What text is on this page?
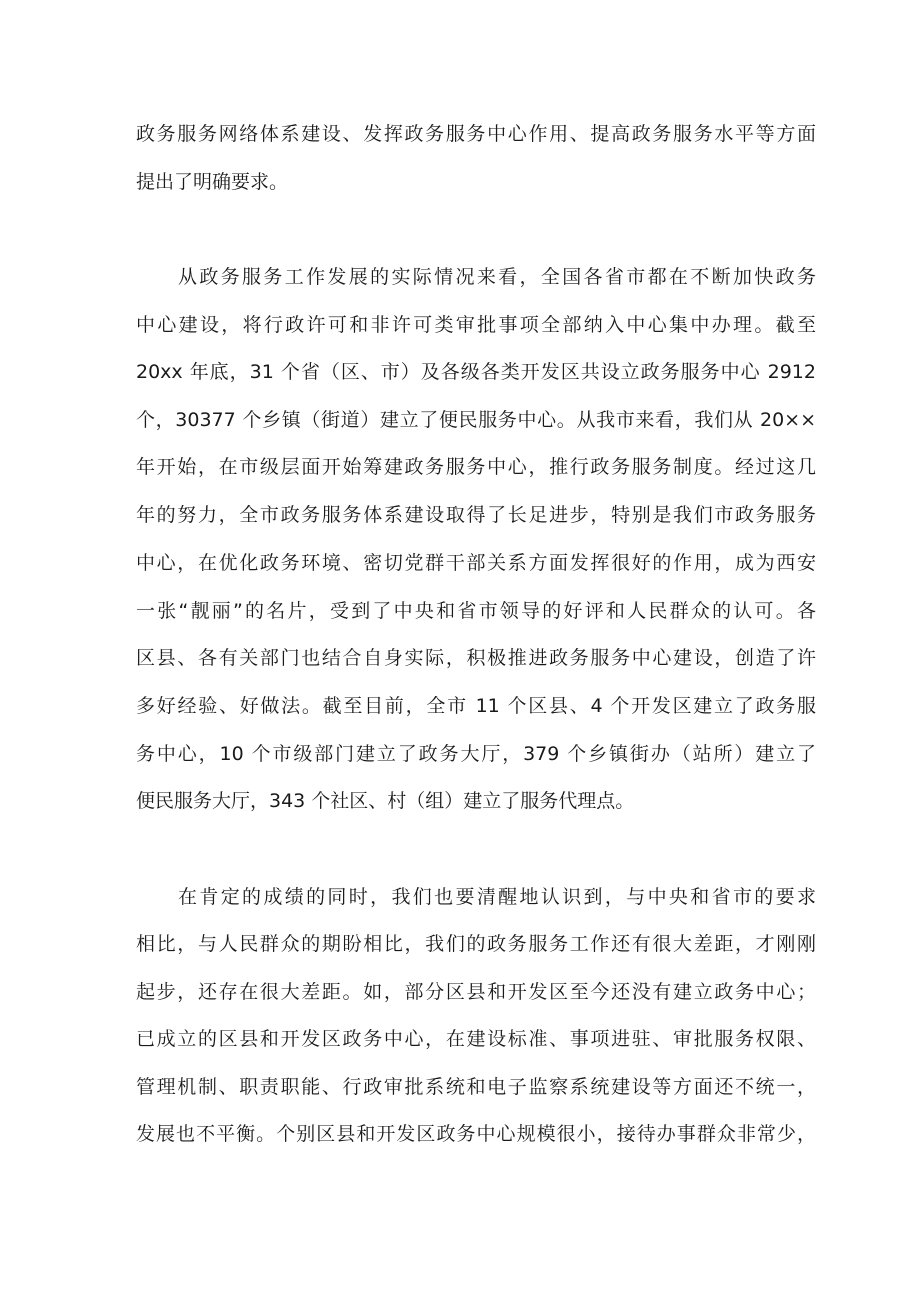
政务服务网络体系建设、发挥政务服务中心作用、提高政务服务水平等方面
提出了明确要求。
从政务服务工作发展的实际情况来看，全国各省市都在不断加快政务
中心建设，将行政许可和非许可类审批事项全部纳入中心集中办理。截至
20xx 年底，31 个省（区、市）及各级各类开发区共设立政务服务中心 2912
个，30377 个乡镇（街道）建立了便民服务中心。从我市来看，我们从 20××
年开始，在市级层面开始筹建政务服务中心，推行政务服务制度。经过这几
年的努力，全市政务服务体系建设取得了长足进步，特别是我们市政务服务
中心，在优化政务环境、密切党群干部关系方面发挥很好的作用，成为西安
一张“靓丽”的名片，受到了中央和省市领导的好评和人民群众的认可。各
区县、各有关部门也结合自身实际，积极推进政务服务中心建设，创造了许
多好经验、好做法。截至目前，全市 11 个区县、4 个开发区建立了政务服
务中心，10 个市级部门建立了政务大厅，379 个乡镇街办（站所）建立了
便民服务大厅，343 个社区、村（组）建立了服务代理点。
在肯定的成绩的同时，我们也要清醒地认识到，与中央和省市的要求
相比，与人民群众的期盼相比，我们的政务服务工作还有很大差距，才刚刚
起步，还存在很大差距。如，部分区县和开发区至今还没有建立政务中心；
已成立的区县和开发区政务中心，在建设标准、事项进驻、审批服务权限、
管理机制、职责职能、行政审批系统和电子监察系统建设等方面还不统一，
发展也不平衡。个别区县和开发区政务中心规模很小，接待办事群众非常少，
